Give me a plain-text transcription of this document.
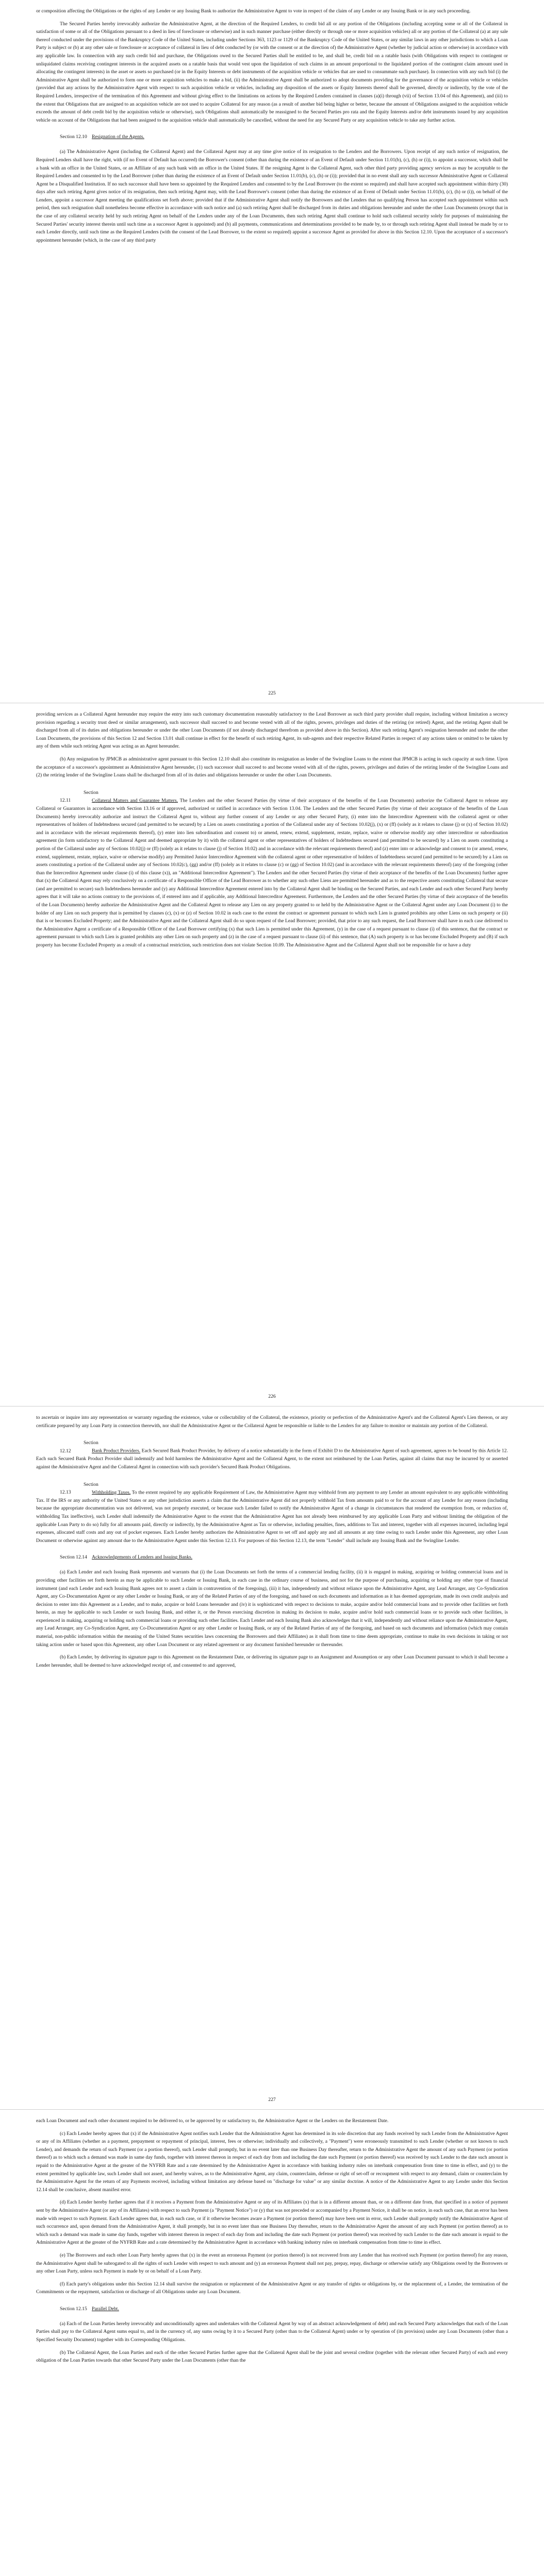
or composition affecting the Obligations or the rights of any Lender or any Issuing Bank to authorize the Administrative Agent to vote in respect of the claim of any Lender or any Issuing Bank or in any such proceeding.

The Secured Parties hereby irrevocably authorize the Administrative Agent, at the direction of the Required Lenders, to credit bid all or any portion of the Obligations (including accepting some or all of the Collateral in satisfaction of some or all of the Obligations pursuant to a deed in lieu of foreclosure or otherwise) and in such manner purchase (either directly or through one or more acquisition vehicles) all or any portion of the Collateral (a) at any sale thereof conducted under the provisions of the Bankruptcy Code of the United States, including under Sections 363, 1123 or 1129 of the Bankruptcy Code of the United States, or any similar laws in any other jurisdictions to which a Loan Party is subject or (b) at any other sale or foreclosure or acceptance of collateral in lieu of debt conducted by (or with the consent or at the direction of) the Administrative Agent (whether by judicial action or otherwise) in accordance with any applicable law. In connection with any such credit bid and purchase, the Obligations owed to the Secured Parties shall be entitled to be, and shall be, credit bid on a ratable basis (with Obligations with respect to contingent or unliquidated claims receiving contingent interests in the acquired assets on a ratable basis that would vest upon the liquidation of such claims in an amount proportional to the liquidated portion of the contingent claim amount used in allocating the contingent interests) in the asset or assets so purchased (or in the Equity Interests or debt instruments of the acquisition vehicle or vehicles that are used to consummate such purchase). In connection with any such bid (i) the Administrative Agent shall be authorized to form one or more acquisition vehicles to make a bid, (ii) the Administrative Agent shall be authorized to adopt documents providing for the governance of the acquisition vehicle or vehicles (provided that any actions by the Administrative Agent with respect to such acquisition vehicle or vehicles, including any disposition of the assets or Equity Interests thereof shall be governed, directly or indirectly, by the vote of the Required Lenders, irrespective of the termination of this Agreement and without giving effect to the limitations on actions by the Required Lenders contained in clauses (a)(i) through (vii) of Section 13.04 of this Agreement), and (iii) to the extent that Obligations that are assigned to an acquisition vehicle are not used to acquire Collateral for any reason (as a result of another bid being higher or better, because the amount of Obligations assigned to the acquisition vehicle exceeds the amount of debt credit bid by the acquisition vehicle or otherwise), such Obligations shall automatically be reassigned to the Secured Parties pro rata and the Equity Interests and/or debt instruments issued by any acquisition vehicle on account of the Obligations that had been assigned to the acquisition vehicle shall automatically be cancelled, without the need for any Secured Party or any acquisition vehicle to take any further action.

Section 12.10 Resignation of the Agents.

(a) The Administrative Agent (including the Collateral Agent) and the Collateral Agent may at any time give notice of its resignation to the Lenders and the Borrowers. Upon receipt of any such notice of resignation, the Required Lenders shall have the right, with (if no Event of Default has occurred) the Borrower's consent (other than during the existence of an Event of Default under Section 11.01(b), (c), (h) or (i)), to appoint a successor, which shall be a bank with an office in the United States, or an Affiliate of any such bank with an office in the United States. If the resigning Agent is the Collateral Agent, such other third party providing agency services as may be acceptable to the Required Lenders and consented to by the Lead Borrower (other than during the existence of an Event of Default under Section 11.01(b), (c), (h) or (i)); provided that in no event shall any such successor Administrative Agent or Collateral Agent be a Disqualified Institution. If no such successor shall have been so appointed by the Required Lenders and consented to by the Lead Borrower (to the extent so required) and shall have accepted such appointment within thirty (30) days after such retiring Agent gives notice of its resignation, then such retiring Agent may, with the Lead Borrower's consent (other than during the existence of an Event of Default under Section 11.01(b), (c), (h) or (i)), on behalf of the Lenders, appoint a successor Agent meeting the qualifications set forth above; provided that if the Administrative Agent shall notify the Borrowers and the Lenders that no qualifying Person has accepted such appointment within such period, then such resignation shall nonetheless become effective in accordance with such notice and (a) such retiring Agent shall be discharged from its duties and obligations hereunder and under the other Loan Documents (except that in the case of any collateral security held by such retiring Agent on behalf of the Lenders under any of the Loan Documents, then such retiring Agent shall continue to hold such collateral security solely for purposes of maintaining the Secured Parties' security interest therein until such time as a successor Agent is appointed) and (b) all payments, communications and determinations provided to be made by, to or through such retiring Agent shall instead be made by or to each Lender directly, until such time as the Required Lenders (with the consent of the Lead Borrower, to the extent so required) appoint a successor Agent as provided for above in this Section 12.10. Upon the acceptance of a successor's appointment hereunder (which, in the case of any third party

225

providing services as a Collateral Agent hereunder may require the entry into such customary documentation reasonably satisfactory to the Lead Borrower as such third party provider shall require, including without limitation a secrecy provision regarding a security trust deed or similar arrangement), such successor shall succeed to and become vested with all of the rights, powers, privileges and duties of the retiring (or retired) Agent, and the retiring Agent shall be discharged from all of its duties and obligations hereunder or under the other Loan Documents (if not already discharged therefrom as provided above in this Section). After such retiring Agent's resignation hereunder and under the other Loan Documents, the provisions of this Section 12 and Section 13.01 shall continue in effect for the benefit of such retiring Agent, its sub-agents and their respective Related Parties in respect of any actions taken or omitted to be taken by any of them while such retiring Agent was acting as an Agent hereunder.

(b) Any resignation by JPMCB as administrative agent pursuant to this Section 12.10 shall also constitute its resignation as lender of the Swingline Loans to the extent that JPMCB is acting in such capacity at such time. Upon the acceptance of a successor's appointment as Administrative Agent hereunder, (1) such successor shall succeed to and become vested with all of the rights, powers, privileges and duties of the retiring lender of the Swingline Loans and (2) the retiring lender of the Swingline Loans shall be discharged from all of its duties and obligations hereunder or under the other Loan Documents.

Section 12.11	Collateral Matters and Guarantee Matters. The Lenders and the other Secured Parties (by virtue of their acceptance of the benefits of the Loan Documents) authorize the Collateral Agent to release any Collateral or Guarantors in accordance with Section 13.16 or if approved, authorized or ratified in accordance with Section 13.04. The Lenders and the other Secured Parties (by virtue of their acceptance of the benefits of the Loan Documents) hereby irrevocably authorize and instruct the Collateral Agent to, without any further consent of any Lender or any other Secured Party, (i) enter into the Intercreditor Agreement with the collateral agent or other representatives of holders of Indebtedness secured (and permitted to be secured) by a Lien on assets constituting a portion of the Collateral under any of Sections 10.02(j), (x) or (ff) (solely as it relates to clause (j) or (x) of Section 10.02) and in accordance with the relevant requirements thereof), (y) enter into lien subordination and consent to) or amend, renew, extend, supplement, restate, replace, waive or otherwise modify any other intercreditor or subordination agreement (in form satisfactory to the Collateral Agent and deemed appropriate by it) with the collateral agent or other representatives of holders of Indebtedness secured (and permitted to be secured) by a Lien on assets constituting a portion of the Collateral under any of Sections 10.02(j) or (ff) (solely as it relates to clause (j) of Section 10.02) and in accordance with the relevant requirements thereof) and (z) enter into or acknowledge and consent to (or amend, renew, extend, supplement, restate, replace, waive or otherwise modify) any Permitted Junior Intercreditor Agreement with the collateral agent or other representative of holders of Indebtedness secured (and permitted to be secured) by a Lien on assets constituting a portion of the Collateral under any of Sections 10.02(c), (gg) and/or (ff) (solely as it relates to clause (c) or (gg) of Section 10.02) (and in accordance with the relevant requirements thereof) (any of the foregoing (other than the Intercreditor Agreement under clause (i) of this clause (x)), an "Additional Intercreditor Agreement"). The Lenders and the other Secured Parties (by virtue of their acceptance of the benefits of the Loan Documents) further agree that (x) the Collateral Agent may rely conclusively on a certificate of a Responsible Officer of the Lead Borrower as to whether any such other Liens are permitted hereunder and as to the respective assets constituting Collateral that secure (and are permitted to secure) such Indebtedness hereunder and (y) any Additional Intercreditor Agreement entered into by the Collateral Agent shall be binding on the Secured Parties, and each Lender and each other Secured Party hereby agrees that it will take no actions contrary to the provisions of, if entered into and if applicable, any Additional Intercreditor Agreement. Furthermore, the Lenders and the other Secured Parties (by virtue of their acceptance of the benefits of the Loan Documents) hereby authorize the Administrative Agent and the Collateral Agent to release any Lien on any property granted to or held by the Administrative Agent or the Collateral Agent under any Loan Document (i) to the holder of any Lien on such property that is permitted by clauses (c), (x) or (z) of Section 10.02 in each case to the extent the contract or agreement pursuant to which such Lien is granted prohibits any other Liens on such property or (ii) that is or becomes Excluded Property; and the Administrative Agent and the Collateral Agent shall do so upon request of the Lead Borrower; provided, that prior to any such request, the Lead Borrower shall have in each case delivered to the Administrative Agent a certificate of a Responsible Officer of the Lead Borrower certifying (x) that such Lien is permitted under this Agreement, (y) in the case of a request pursuant to clause (i) of this sentence, that the contract or agreement pursuant to which such Lien is granted prohibits any other Lien on such property and (z) in the case of a request pursuant to clause (ii) of this sentence, that (A) such property is or has become Excluded Property and (B) if such property has become Excluded Property as a result of a contractual restriction, such restriction does not violate Section 10.09. The Administrative Agent and the Collateral Agent shall not be responsible for or have a duty
226

to ascertain or inquire into any representation or warranty regarding the existence, value or collectability of the Collateral, the existence, priority or perfection of the Administrative Agent's and the Collateral Agent's Lien thereon, or any certificate prepared by any Loan Party in connection therewith, nor shall the Administrative Agent or the Collateral Agent be responsible or liable to the Lenders for any failure to monitor or maintain any portion of the Collateral.

Section 12.12	Bank Product Providers. Each Secured Bank Product Provider, by delivery of a notice substantially in the form of Exhibit D to the Administrative Agent of such agreement, agrees to be bound by this Article 12. Each such Secured Bank Product Provider shall indemnify and hold harmless the Administrative Agent and the Collateral Agent, to the extent not reimbursed by the Loan Parties, against all claims that may be incurred by or asserted against the Administrative Agent and the Collateral Agent in connection with such provider's Secured Bank Product Obligations.
Section 12.13	Withholding Taxes. To the extent required by any applicable Requirement of Law, the Administrative Agent may withhold from any payment to any Lender an amount equivalent to any applicable withholding Tax. If the IRS or any authority of the United States or any other jurisdiction asserts a claim that the Administrative Agent did not properly withhold Tax from amounts paid to or for the account of any Lender for any reason (including because the appropriate documentation was not delivered, was not properly executed, or because such Lender failed to notify the Administrative Agent of a change in circumstances that rendered the exemption from, or reduction of, withholding Tax ineffective), such Lender shall indemnify the Administrative Agent to the extent that the Administrative Agent has not already been reimbursed by any applicable Loan Party and without limiting the obligation of the applicable Loan Party to do so) fully for all amounts paid, directly or indirectly, by the Administrative Agent as Tax or otherwise, including penalties, fines, additions to Tax and interest, together with all expenses incurred, including legal expenses, allocated staff costs and any out of pocket expenses. Each Lender hereby authorizes the Administrative Agent to set off and apply any and all amounts at any time owing to such Lender under this Agreement, any other Loan Document or otherwise against any amount due to the Administrative Agent under this Section 12.13. For purposes of this Section 12.13, the term "Lender" shall include any Issuing Bank and the Swingline Lender.
Section 12.14 Acknowledgements of Lenders and Issuing Banks.

(a) Each Lender and each Issuing Bank represents and warrants that (i) the Loan Documents set forth the terms of a commercial lending facility, (ii) it is engaged in making, acquiring or holding commercial loans and in providing other facilities set forth herein as may be applicable to such Lender or Issuing Bank, in each case in the ordinary course of business, and not for the purpose of purchasing, acquiring or holding any other type of financial instrument (and each Lender and each Issuing Bank agrees not to assert a claim in contravention of the foregoing), (iii) it has, independently and without reliance upon the Administrative Agent, any Lead Arranger, any Co-Syndication Agent, any Co-Documentation Agent or any other Lender or Issuing Bank, or any of the Related Parties of any of the foregoing, and based on such documents and information as it has deemed appropriate, made its own credit analysis and decision to enter into this Agreement as a Lender, and to make, acquire or hold Loans hereunder and (iv) it is sophisticated with respect to decisions to make, acquire and/or hold commercial loans and to provide other facilities set forth herein, as may be applicable to such Lender or such Issuing Bank, and either it, or the Person exercising discretion in making its decision to make, acquire and/or hold such commercial loans or to provide such other facilities, is experienced in making, acquiring or holding such commercial loans or providing such other facilities. Each Lender and each Issuing Bank also acknowledges that it will, independently and without reliance upon the Administrative Agent, any Lead Arranger, any Co-Syndication Agent, any Co-Documentation Agent or any other Lender or Issuing Bank, or any of the Related Parties of any of the foregoing, and based on such documents and information (which may contain material, non-public information within the meaning of the United States securities laws concerning the Borrowers and their Affiliates) as it shall from time to time deem appropriate, continue to make its own decisions in taking or not taking action under or based upon this Agreement, any other Loan Document or any related agreement or any document furnished hereunder or thereunder.

(b) Each Lender, by delivering its signature page to this Agreement on the Restatement Date, or delivering its signature page to an Assignment and Assumption or any other Loan Document pursuant to which it shall become a Lender hereunder, shall be deemed to have acknowledged receipt of, and consented to and approved,

227

each Loan Document and each other document required to be delivered to, or be approved by or satisfactory to, the Administrative Agent or the Lenders on the Restatement Date.

(c) Each Lender hereby agrees that (x) if the Administrative Agent notifies such Lender that the Administrative Agent has determined in its sole discretion that any funds received by such Lender from the Administrative Agent or any of its Affiliates (whether as a payment, prepayment or repayment of principal, interest, fees or otherwise; individually and collectively, a "Payment") were erroneously transmitted to such Lender (whether or not known to such Lender), and demands the return of such Payment (or a portion thereof), such Lender shall promptly, but in no event later than one Business Day thereafter, return to the Administrative Agent the amount of any such Payment (or portion thereof) as to which such a demand was made in same day funds, together with interest thereon in respect of each day from and including the date such Payment (or portion thereof) was received by such Lender to the date such amount is repaid to the Administrative Agent at the greater of the NYFRB Rate and a rate determined by the Administrative Agent in accordance with banking industry rules on interbank compensation from time to time in effect, and (y) to the extent permitted by applicable law, such Lender shall not assert, and hereby waives, as to the Administrative Agent, any claim, counterclaim, defense or right of set-off or recoupment with respect to any demand, claim or counterclaim by the Administrative Agent for the return of any Payments received, including without limitation any defense based on "discharge for value" or any similar doctrine. A notice of the Administrative Agent to any Lender under this Section 12.14 shall be conclusive, absent manifest error.

(d) Each Lender hereby further agrees that if it receives a Payment from the Administrative Agent or any of its Affiliates (x) that is in a different amount than, or on a different date from, that specified in a notice of payment sent by the Administrative Agent (or any of its Affiliates) with respect to such Payment (a "Payment Notice") or (y) that was not preceded or accompanied by a Payment Notice, it shall be on notice, in each such case, that an error has been made with respect to such Payment. Each Lender agrees that, in each such case, or if it otherwise becomes aware a Payment (or portion thereof) may have been sent in error, such Lender shall promptly notify the Administrative Agent of such occurrence and, upon demand from the Administrative Agent, it shall promptly, but in no event later than one Business Day thereafter, return to the Administrative Agent the amount of any such Payment (or portion thereof) as to which such a demand was made in same day funds, together with interest thereon in respect of each day from and including the date such Payment (or portion thereof) was received by such Lender to the date such amount is repaid to the Administrative Agent at the greater of the NYFRB Rate and a rate determined by the Administrative Agent in accordance with banking industry rules on interbank compensation from time to time in effect.

(e) The Borrowers and each other Loan Party hereby agrees that (x) in the event an erroneous Payment (or portion thereof) is not recovered from any Lender that has received such Payment (or portion thereof) for any reason, the Administrative Agent shall be subrogated to all the rights of such Lender with respect to such amount and (y) an erroneous Payment shall not pay, prepay, repay, discharge or otherwise satisfy any Obligations owed by the Borrowers or any other Loan Party, unless such Payment is made by or on behalf of a Loan Party.

(f) Each party's obligations under this Section 12.14 shall survive the resignation or replacement of the Administrative Agent or any transfer of rights or obligations by, or the replacement of, a Lender, the termination of the Commitments or the repayment, satisfaction or discharge of all Obligations under any Loan Document.

Section 12.15 Parallel Debt.

(a) Each of the Loan Parties hereby irrevocably and unconditionally agrees and undertakes with the Collateral Agent by way of an abstract acknowledgement of debt) and each Secured Party acknowledges that each of the Loan Parties shall pay to the Collateral Agent sums equal to, and in the currency of, any sums owing by it to a Secured Party (other than to the Collateral Agent) under or by operation of (its provision) under any Loan Documents (other than a Specified Security Document) together with its Corresponding Obligations.

(b) The Collateral Agent, the Loan Parties and each of the other Secured Parties further agree that the Collateral Agent shall be the joint and several creditor (together with the relevant other Secured Party) of each and every obligation of the Loan Parties towards that other Secured Party under the Loan Documents (other than the
